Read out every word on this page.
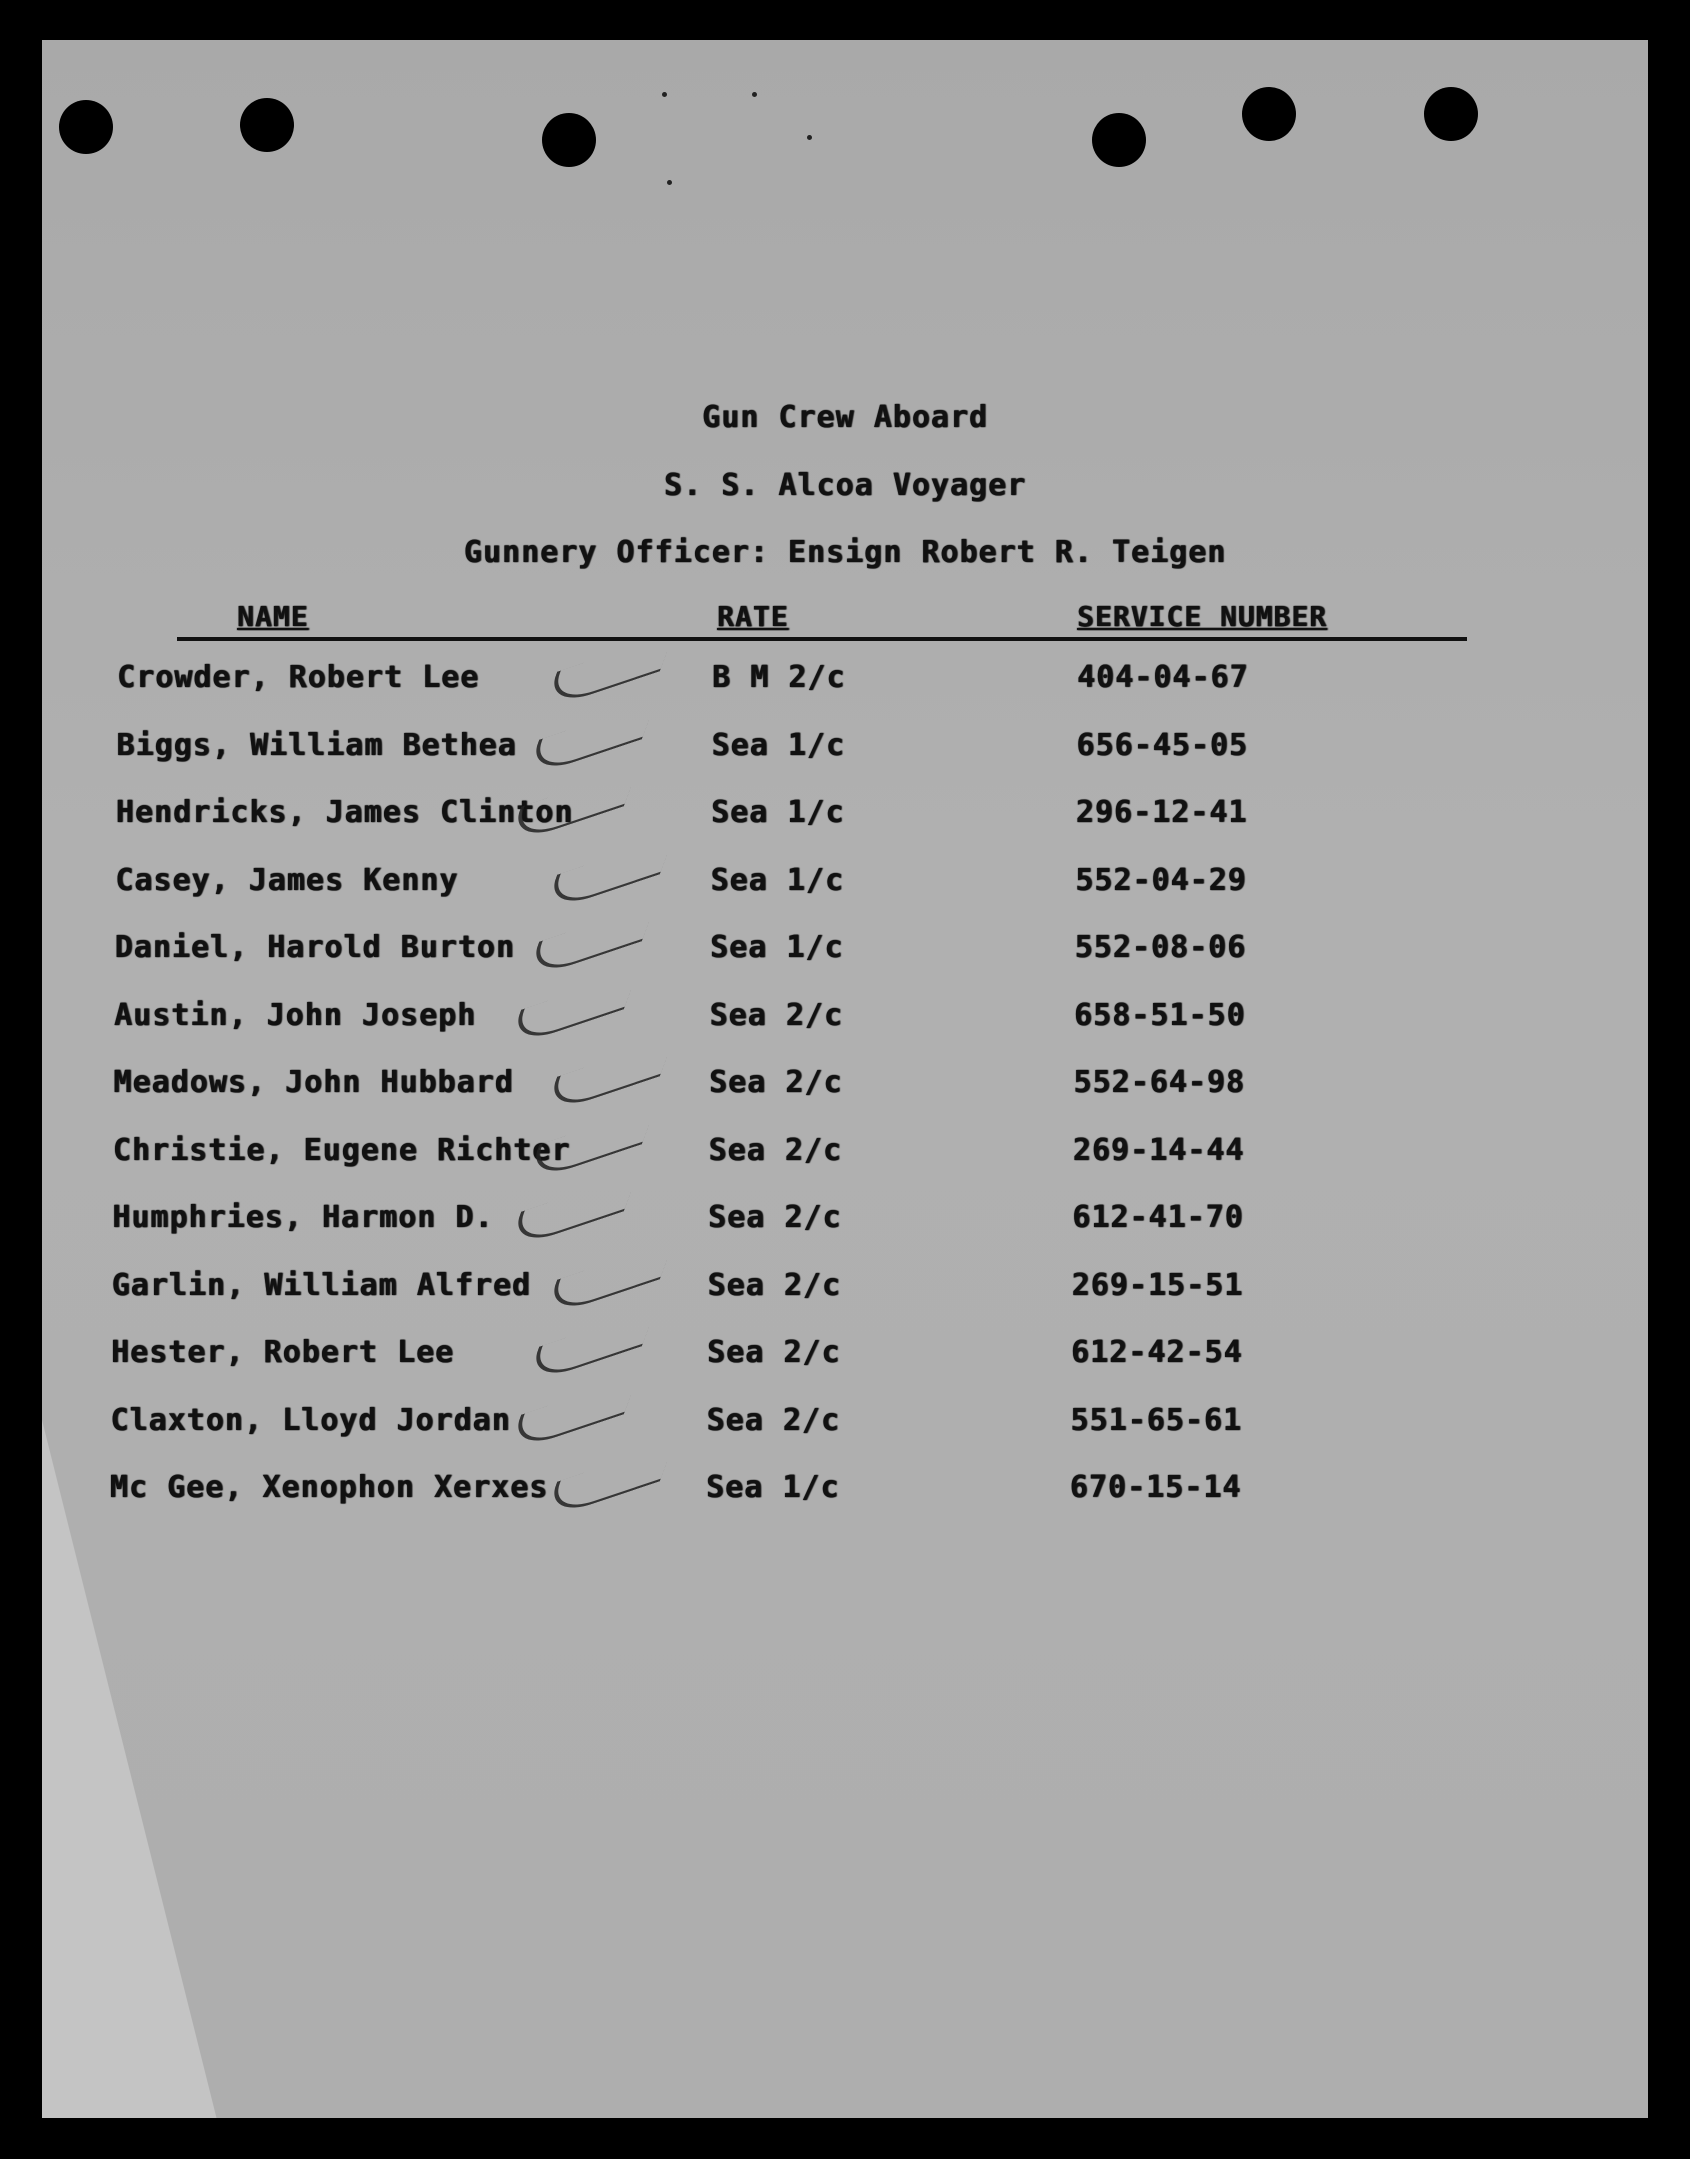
Gun Crew Aboard
S. S. Alcoa Voyager
Gunnery Officer: Ensign Robert R. Teigen
NAME	RATE	SERVICE NUMBER
Crowder, Robert Lee	B M 2/c	404-04-67
Biggs, William Bethea	Sea 1/c	656-45-05
Hendricks, James Clinton	Sea 1/c	296-12-41
Casey, James Kenny	Sea 1/c	552-04-29
Daniel, Harold Burton	Sea 1/c	552-08-06
Austin, John Joseph	Sea 2/c	658-51-50
Meadows, John Hubbard	Sea 2/c	552-64-98
Christie, Eugene Richter	Sea 2/c	269-14-44
Humphries, Harmon D.	Sea 2/c	612-41-70
Garlin, William Alfred	Sea 2/c	269-15-51
Hester, Robert Lee	Sea 2/c	612-42-54
Claxton, Lloyd Jordan	Sea 2/c	551-65-61
Mc Gee, Xenophon Xerxes	Sea 1/c	670-15-14
